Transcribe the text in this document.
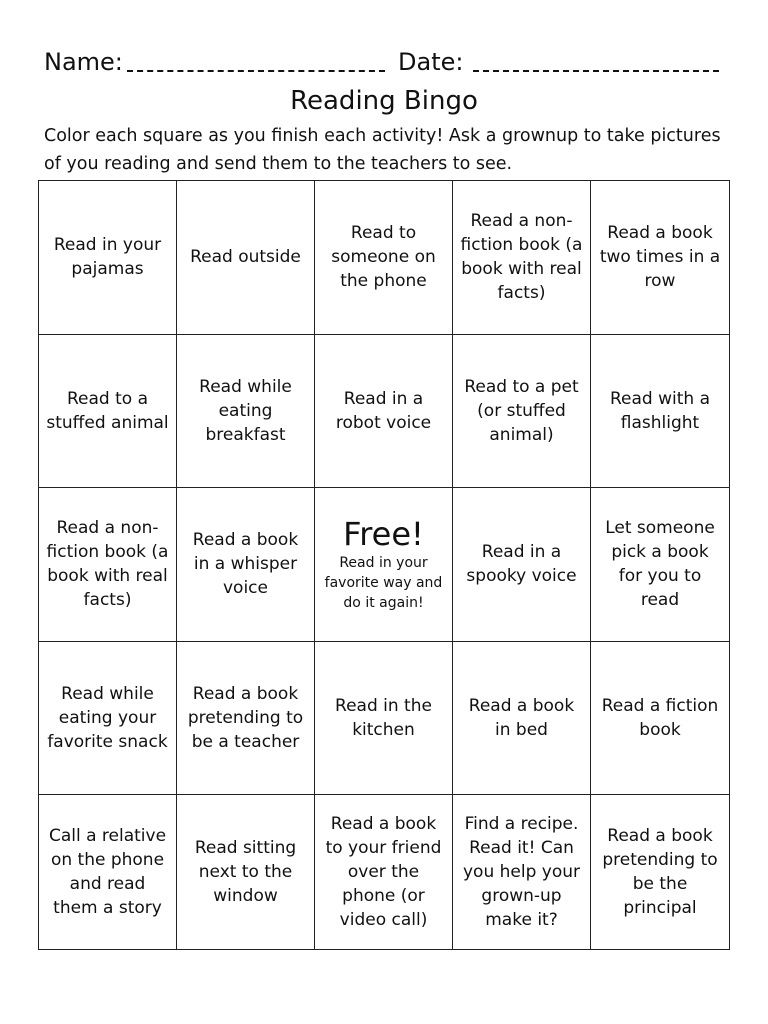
Name:	Date:
Reading Bingo
Color each square as you finish each activity! Ask a grownup to take pictures of you reading and send them to the teachers to see.
Read in your pajamas
Read outside
Read to someone on the phone
Read a non-fiction book (a book with real facts)
Read a book two times in a row
Read to a stuffed animal
Read while eating breakfast
Read in a robot voice
Read to a pet (or stuffed animal)
Read with a flashlight
Read a non-fiction book (a book with real facts)
Read a book in a whisper voice
Free!
Read in your favorite way and do it again!
Read in a spooky voice
Let someone pick a book for you to read
Read while eating your favorite snack
Read a book pretending to be a teacher
Read in the kitchen
Read a book in bed
Read a fiction book
Call a relative on the phone and read them a story
Read sitting next to the window
Read a book to your friend over the phone (or video call)
Find a recipe. Read it! Can you help your grown-up make it?
Read a book pretending to be the principal
